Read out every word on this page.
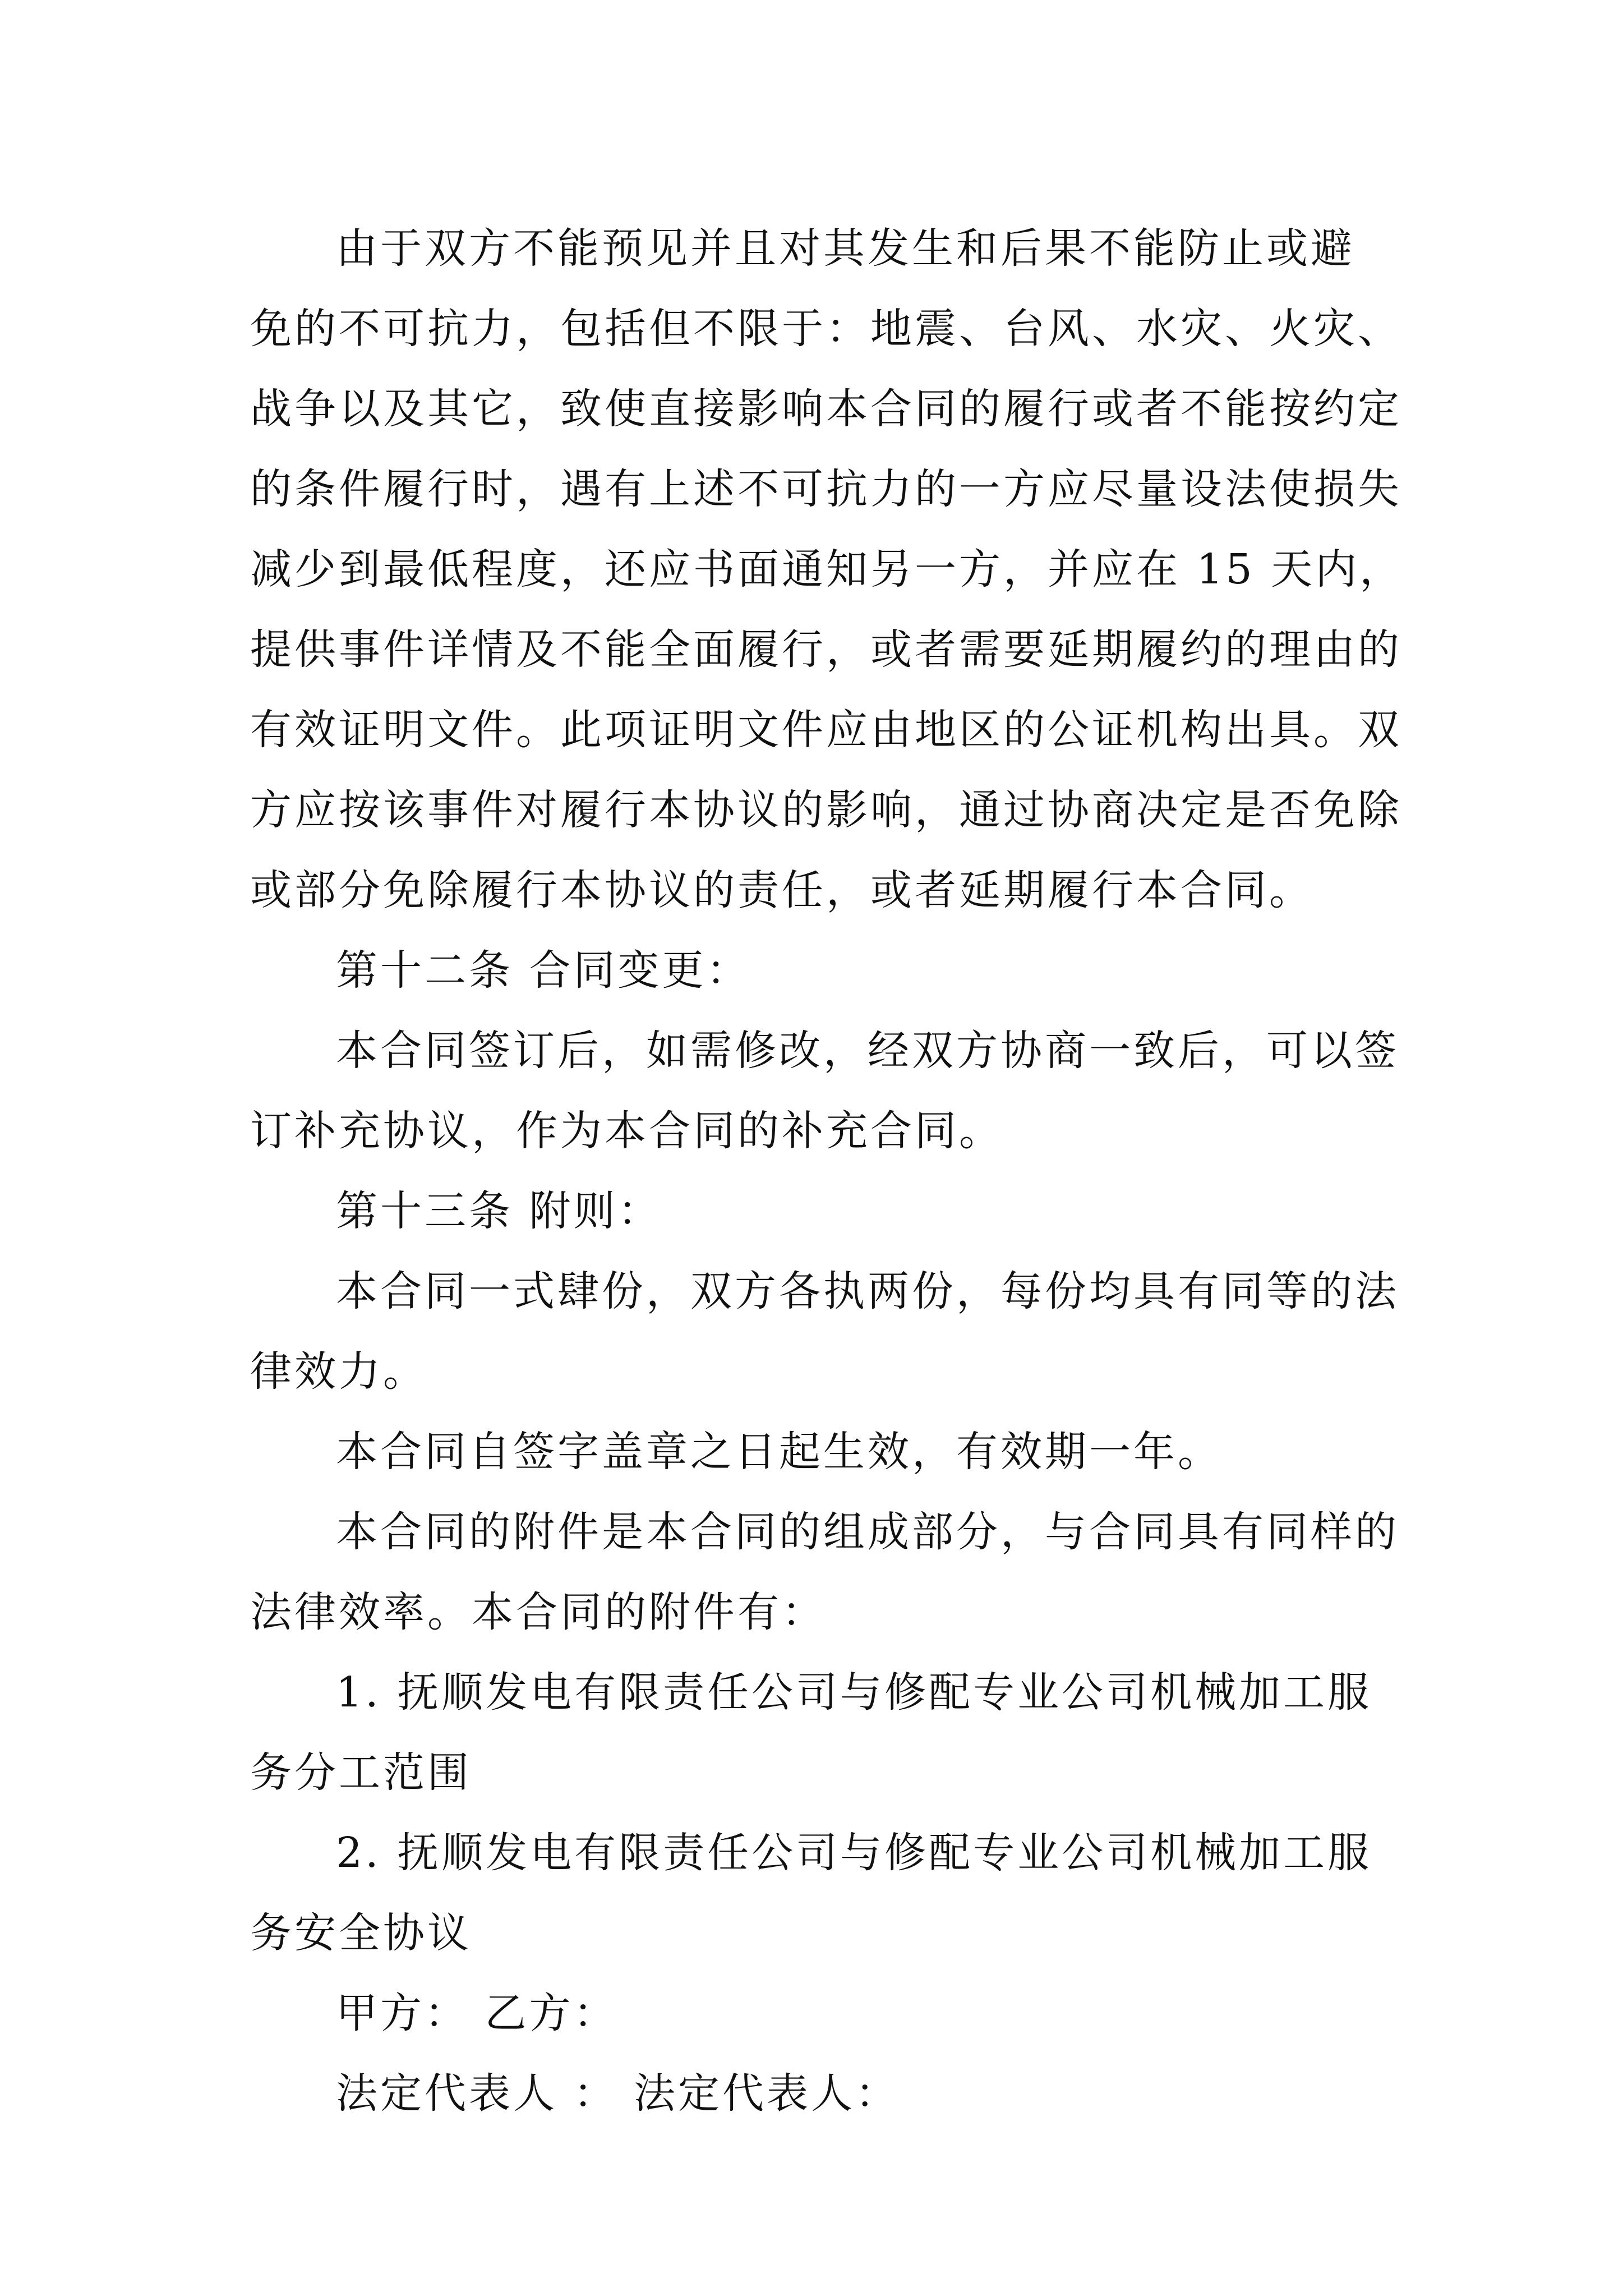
由于双方不能预见并且对其发生和后果不能防止或避
免的不可抗力，包括但不限于：地震、台风、水灾、火灾、
战争以及其它，致使直接影响本合同的履行或者不能按约定
的条件履行时，遇有上述不可抗力的一方应尽量设法使损失
减少到最低程度，还应书面通知另一方，并应在 15 天内，
提供事件详情及不能全面履行，或者需要延期履约的理由的
有效证明文件。此项证明文件应由地区的公证机构出具。双
方应按该事件对履行本协议的影响，通过协商决定是否免除
或部分免除履行本协议的责任，或者延期履行本合同。
第十二条 合同变更：
本合同签订后，如需修改，经双方协商一致后，可以签
订补充协议，作为本合同的补充合同。
第十三条 附则：
本合同一式肆份，双方各执两份，每份均具有同等的法
律效力。
本合同自签字盖章之日起生效，有效期一年。
本合同的附件是本合同的组成部分，与合同具有同样的
法律效率。本合同的附件有：
1. 抚顺发电有限责任公司与修配专业公司机械加工服
务分工范围
2. 抚顺发电有限责任公司与修配专业公司机械加工服
务安全协议
甲方： 乙方：
法定代表人 ： 法定代表人：
